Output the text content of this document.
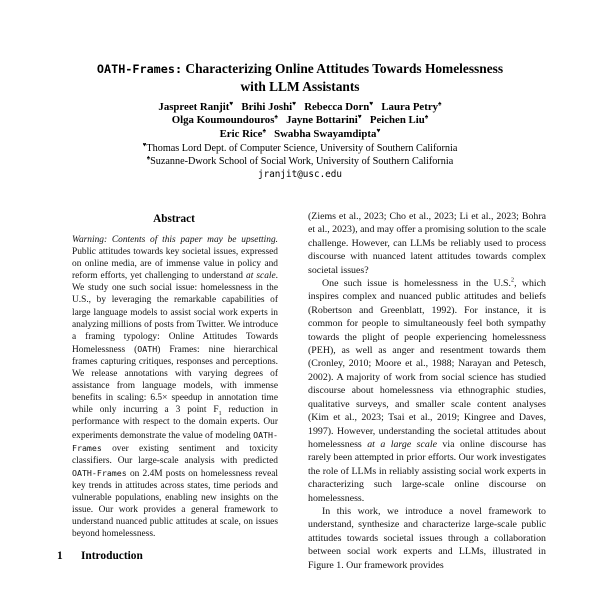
OATH-Frames: Characterizing Online Attitudes Towards Homelessness
with LLM Assistants
Jaspreet Ranjit♥ Brihi Joshi♥ Rebecca Dorn♥ Laura Petry♠
Olga Koumoundouros♠ Jayne Bottarini♥ Peichen Liu♠
Eric Rice♠ Swabha Swayamdipta♥
♥Thomas Lord Dept. of Computer Science, University of Southern California
♠Suzanne-Dwork School of Social Work, University of Southern California
jranjit@usc.edu
Abstract
Warning: Contents of this paper may be upsetting. Public attitudes towards key societal issues, expressed on online media, are of immense value in policy and reform efforts, yet challenging to understand at scale. We study one such social issue: homelessness in the U.S., by leveraging the remarkable capabilities of large language models to assist social work experts in analyzing millions of posts from Twitter. We introduce a framing typology: Online Attitudes Towards Homelessness (OATH) Frames: nine hierarchical frames capturing critiques, responses and perceptions. We release annotations with varying degrees of assistance from language models, with immense benefits in scaling: 6.5× speedup in annotation time while only incurring a 3 point $F_1$ reduction in performance with respect to the domain experts. Our experiments demonstrate the value of modeling OATH-Frames over existing sentiment and toxicity classifiers. Our large-scale analysis with predicted OATH-Frames on 2.4M posts on homelessness reveal key trends in attitudes across states, time periods and vulnerable populations, enabling new insights on the issue. Our work provides a general framework to understand nuanced public attitudes at scale, on issues beyond homelessness.
1	Introduction

(Ziems et al., 2023; Cho et al., 2023; Li et al., 2023; Bohra et al., 2023), and may offer a promising solution to the scale challenge. However, can LLMs be reliably used to process discourse with nuanced latent attitudes towards complex societal issues?

One such issue is homelessness in the U.S.$^2$, which inspires complex and nuanced public attitudes and beliefs (Robertson and Greenblatt, 1992). For instance, it is common for people to simultaneously feel both sympathy towards the plight of people experiencing homelessness (PEH), as well as anger and resentment towards them (Cronley, 2010; Moore et al., 1988; Narayan and Petesch, 2002). A majority of work from social science has studied discourse about homelessness via ethnographic studies, qualitative surveys, and smaller scale content analyses (Kim et al., 2023; Tsai et al., 2019; Kingree and Daves, 1997). However, understanding the societal attitudes about homelessness at a large scale via online discourse has rarely been attempted in prior efforts. Our work investigates the role of LLMs in reliably assisting social work experts in characterizing such large-scale online discourse on homelessness.

In this work, we introduce a novel framework to understand, synthesize and characterize large-scale public attitudes towards societal issues through a collaboration between social work experts and LLMs, illustrated in Figure 1. Our framework provides
